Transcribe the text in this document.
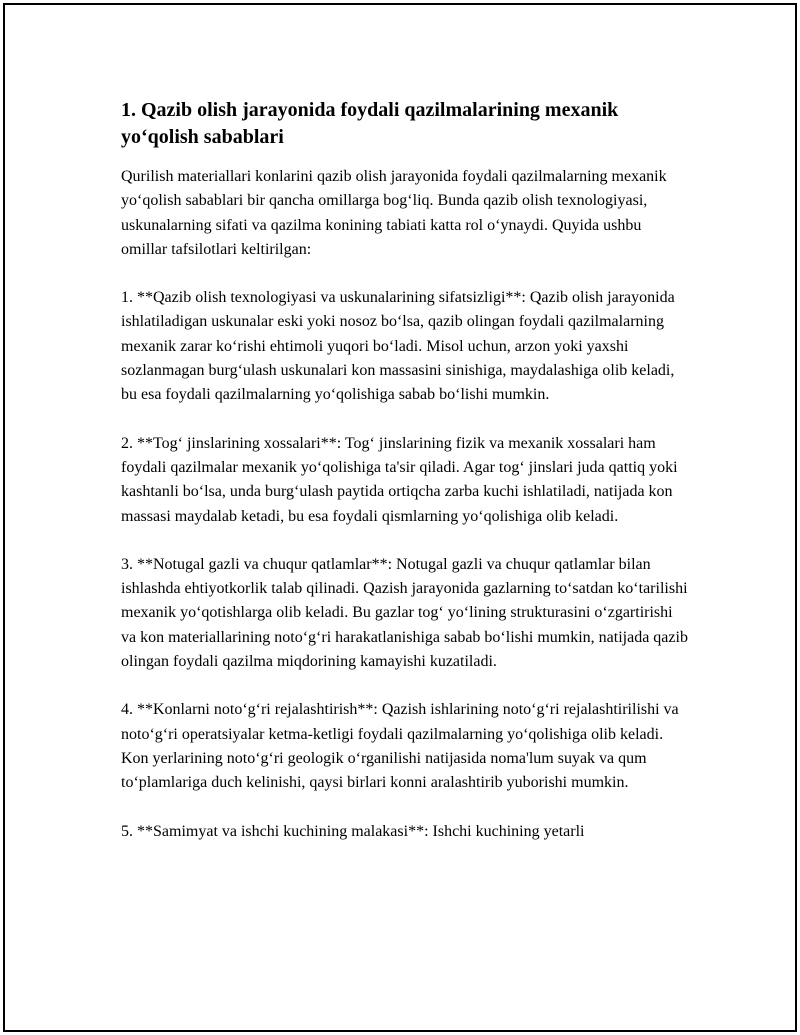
1. Qazib olish jarayonida foydali qazilmalarining mexanik yo‘qolish sabablari

Qurilish materiallari konlarini qazib olish jarayonida foydali qazilmalarning mexanik yo‘qolish sabablari bir qancha omillarga bog‘liq. Bunda qazib olish texnologiyasi, uskunalarning sifati va qazilma konining tabiati katta rol o‘ynaydi. Quyida ushbu omillar tafsilotlari keltirilgan:

1. **Qazib olish texnologiyasi va uskunalarining sifatsizligi**: Qazib olish jarayonida ishlatiladigan uskunalar eski yoki nosoz bo‘lsa, qazib olingan foydali qazilmalarning mexanik zarar ko‘rishi ehtimoli yuqori bo‘ladi. Misol uchun, arzon yoki yaxshi sozlanmagan burg‘ulash uskunalari kon massasini sinishiga, maydalashiga olib keladi, bu esa foydali qazilmalarning yo‘qolishiga sabab bo‘lishi mumkin.

2. **Tog‘ jinslarining xossalari**: Tog‘ jinslarining fizik va mexanik xossalari ham foydali qazilmalar mexanik yo‘qolishiga ta'sir qiladi. Agar tog‘ jinslari juda qattiq yoki kashtanli bo‘lsa, unda burg‘ulash paytida ortiqcha zarba kuchi ishlatiladi, natijada kon massasi maydalab ketadi, bu esa foydali qismlarning yo‘qolishiga olib keladi.

3. **Notugal gazli va chuqur qatlamlar**: Notugal gazli va chuqur qatlamlar bilan ishlashda ehtiyotkorlik talab qilinadi. Qazish jarayonida gazlarning to‘satdan ko‘tarilishi mexanik yo‘qotishlarga olib keladi. Bu gazlar tog‘ yo‘lining strukturasini o‘zgartirishi va kon materiallarining noto‘g‘ri harakatlanishiga sabab bo‘lishi mumkin, natijada qazib olingan foydali qazilma miqdorining kamayishi kuzatiladi.

4. **Konlarni noto‘g‘ri rejalashtirish**: Qazish ishlarining noto‘g‘ri rejalashtirilishi va noto‘g‘ri operatsiyalar ketma-ketligi foydali qazilmalarning yo‘qolishiga olib keladi. Kon yerlarining noto‘g‘ri geologik o‘rganilishi natijasida noma'lum suyak va qum to‘plamlariga duch kelinishi, qaysi birlari konni aralashtirib yuborishi mumkin.

5. **Samimyat va ishchi kuchining malakasi**: Ishchi kuchining yetarli
